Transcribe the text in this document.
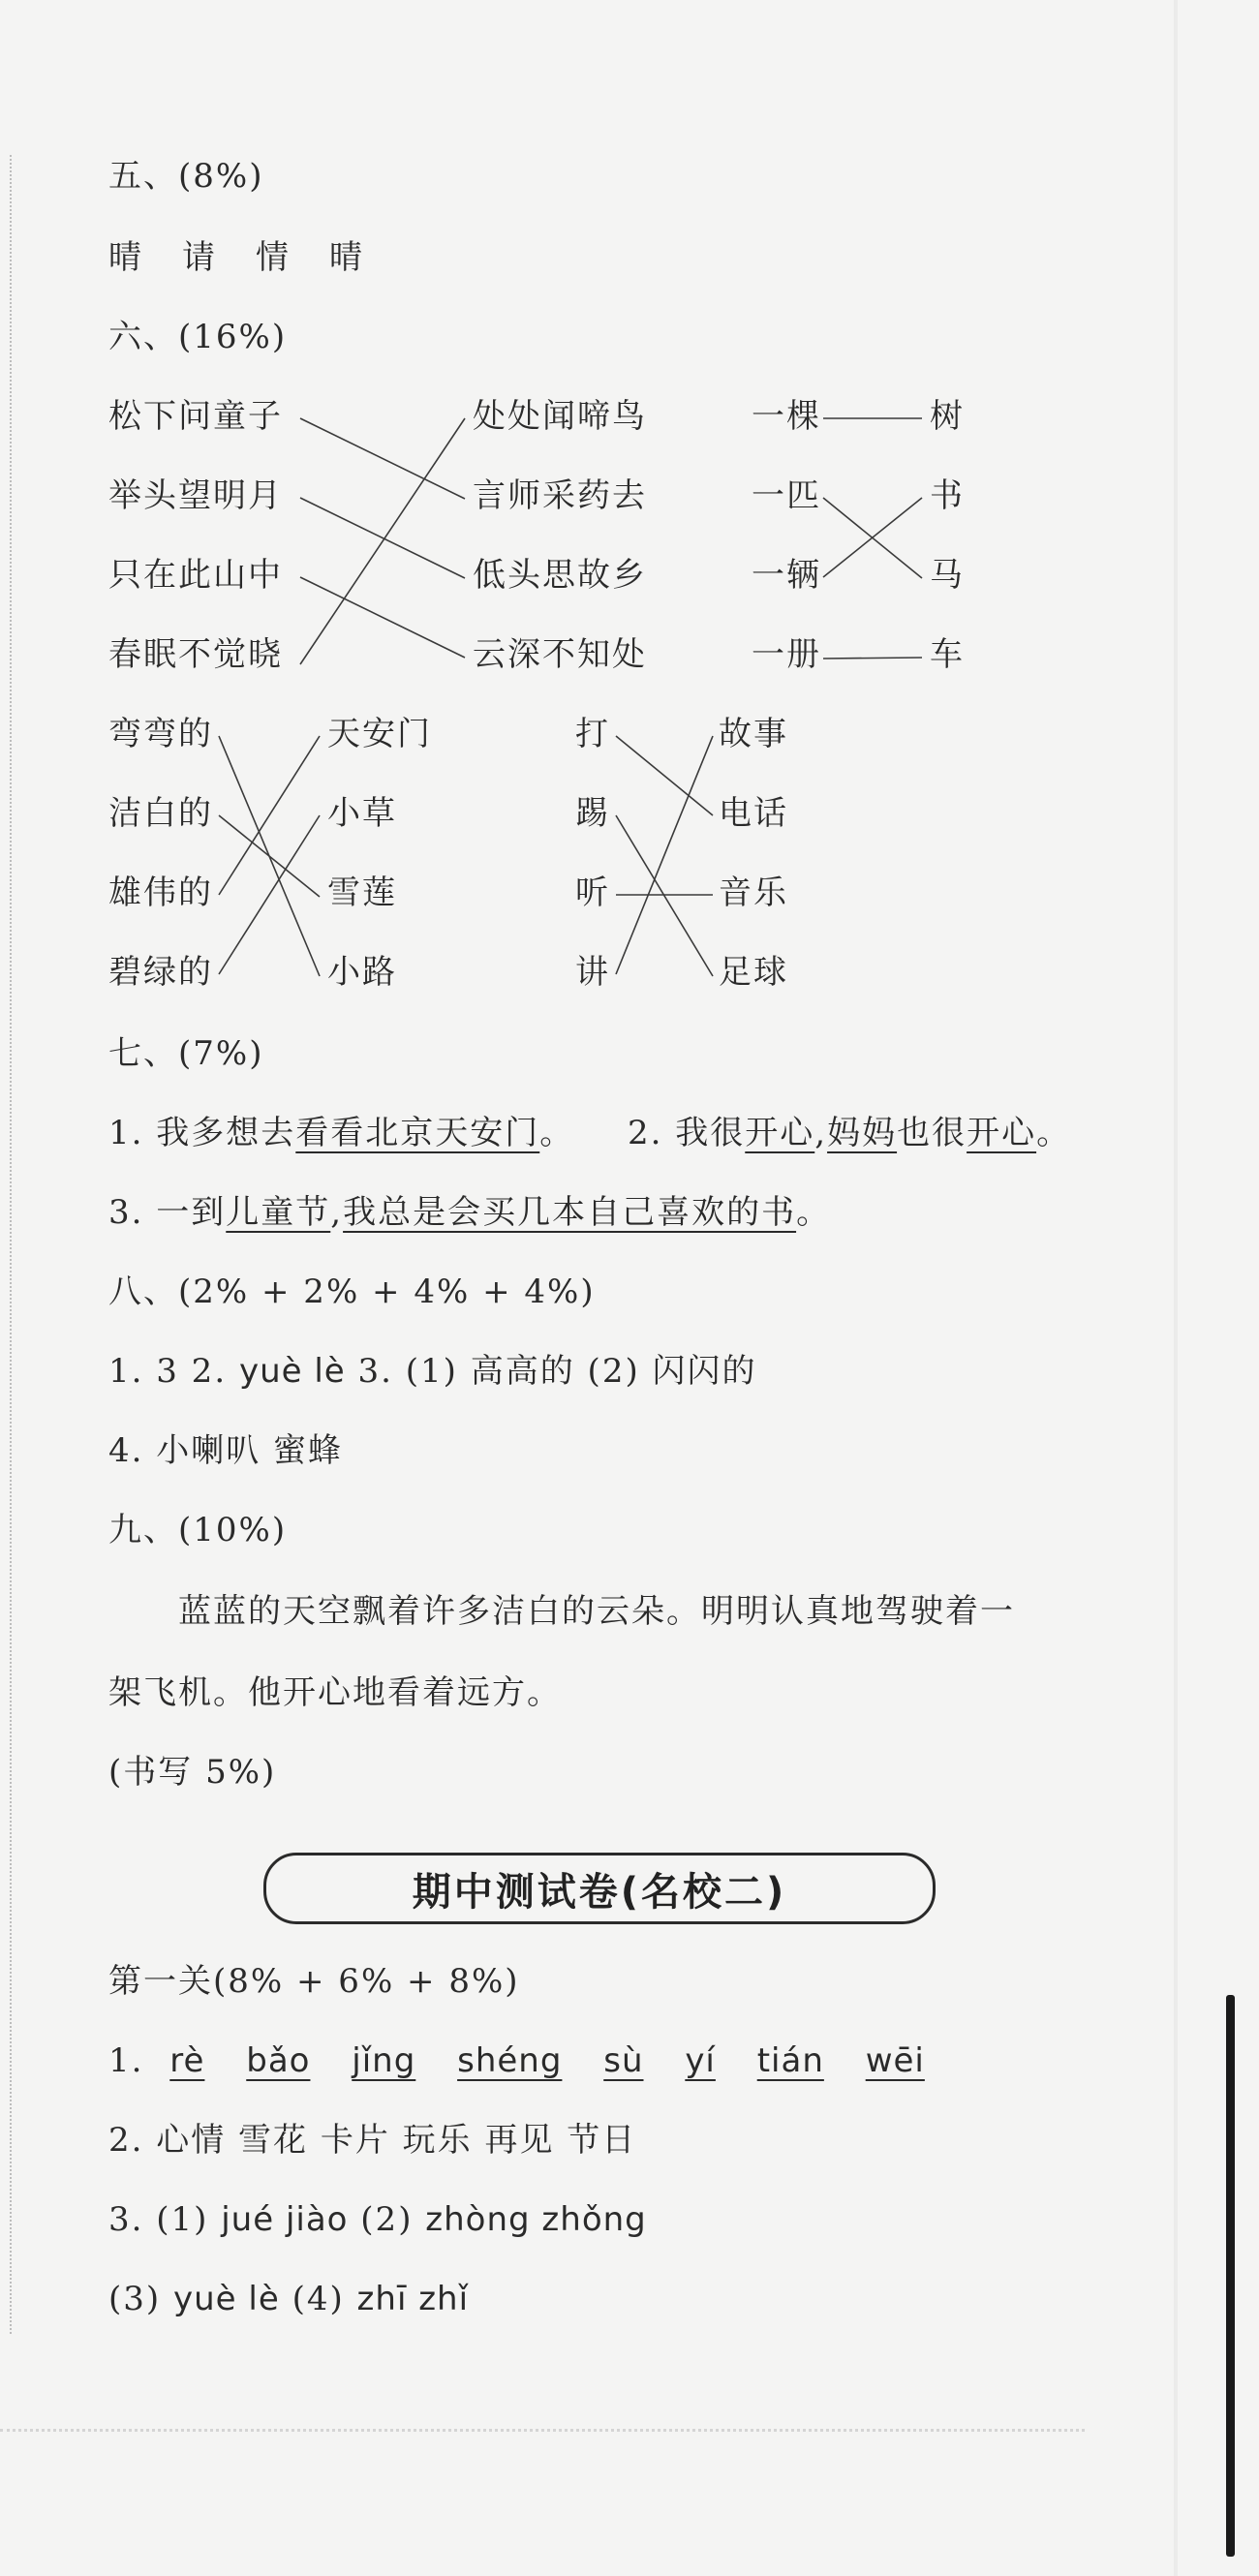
五、(8%)
晴 请 情 晴
六、(16%)
松下问童子
举头望明月
只在此山中
春眠不觉晓
处处闻啼鸟
言师采药去
低头思故乡
云深不知处
一棵
一匹
一辆
一册
树
书
马
车
弯弯的
洁白的
雄伟的
碧绿的
天安门
小草
雪莲
小路
打
踢
听
讲
故事
电话
音乐
足球
七、(7%)
1. 我多想去看看北京天安门。 2. 我很开心,妈妈也很开心。
3. 一到儿童节,我总是会买几本自己喜欢的书。
八、(2% + 2% + 4% + 4%)
1. 3 2. yuè lè 3. (1) 高高的 (2) 闪闪的
4. 小喇叭 蜜蜂
九、(10%)
蓝蓝的天空飘着许多洁白的云朵。明明认真地驾驶着一
架飞机。他开心地看着远方。
(书写 5%)
期中测试卷(名校二)
第一关(8% + 6% + 8%)
1. rè bǎo jǐng shéng sù yí tián wēi
2. 心情 雪花 卡片 玩乐 再见 节日
3. (1) jué jiào (2) zhòng zhǒng
(3) yuè lè (4) zhī zhǐ
